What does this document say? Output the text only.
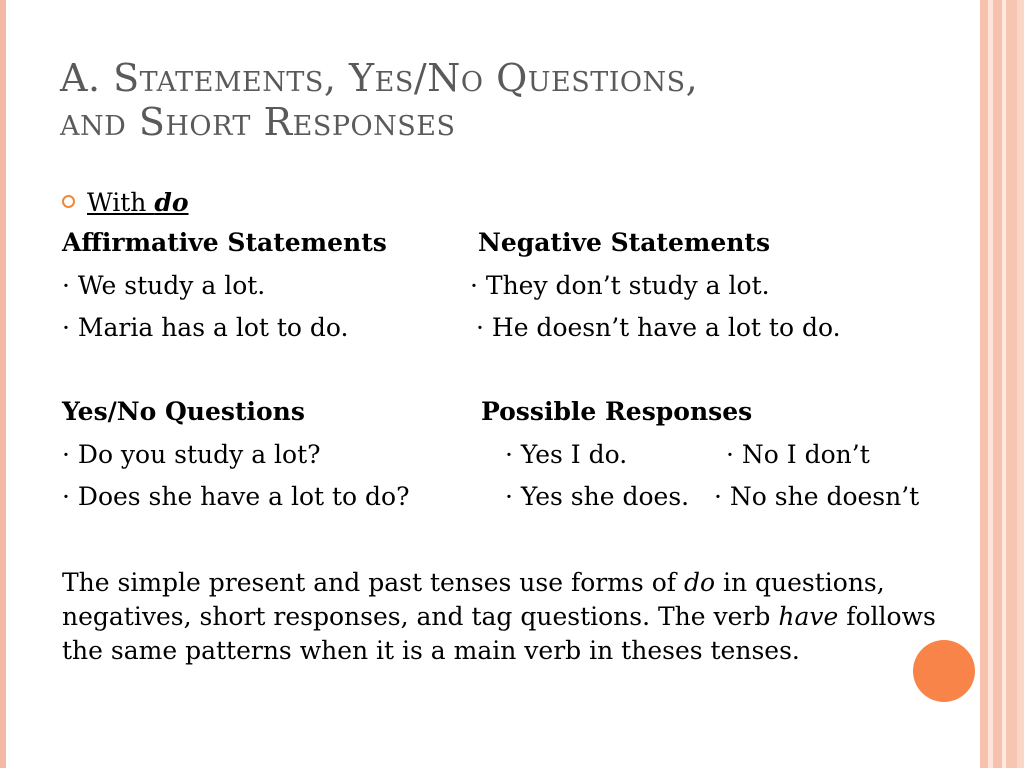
A. Statements, Yes/No Questions,
and Short Responses
With do
Affirmative Statements	Negative Statements
· We study a lot.	· They don’t study a lot.
· Maria has a lot to do.	· He doesn’t have a lot to do.
Yes/No Questions	Possible Responses
· Do you study a lot?	· Yes I do.	· No I don’t
· Does she have a lot to do?	· Yes she does. · No she doesn’t
The simple present and past tenses use forms of do in questions, negatives, short responses, and tag questions. The verb have follows the same patterns when it is a main verb in theses tenses.
